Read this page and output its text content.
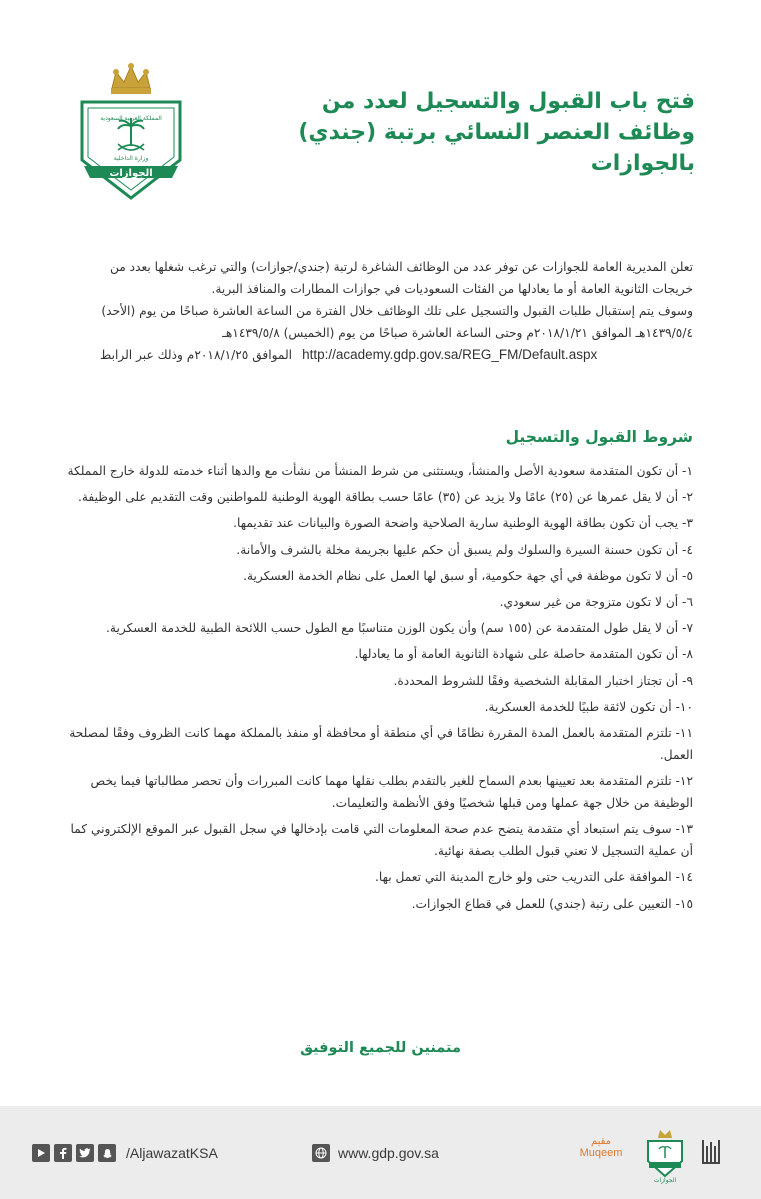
المملكة العربية السعودية
وزارة الداخلية
الجوازات
فتح باب القبول والتسجيل لعدد من
وظائف العنصر النسائي برتبة (جندي)
بالجوازات

تعلن المديرية العامة للجوازات عن توفر عدد من الوظائف الشاغرة لرتبة (جندي/جوازات) والتي ترغب شغلها بعدد من خريجات الثانوية العامة أو ما يعادلها من الفئات السعوديات في جوازات المطارات والمنافذ البرية.

وسوف يتم إستقبال طلبات القبول والتسجيل على تلك الوظائف خلال الفترة من الساعة العاشرة صباحًا من يوم (الأحد) ١٤٣٩/٥/٤هـ الموافق ٢٠١٨/١/٢١م وحتى الساعة العاشرة صباحًا من يوم (الخميس) ١٤٣٩/٥/٨هـ

الموافق ٢٠١٨/١/٢٥م وذلك عبر الرابط http://academy.gdp.gov.sa/REG_FM/Default.aspx
شروط القبول والتسجيل
١- أن تكون المتقدمة سعودية الأصل والمنشأ، ويستثنى من شرط المنشأ من نشأت مع والدها أثناء خدمته للدولة خارج المملكة
٢- أن لا يقل عمرها عن (٢٥) عامًا ولا يزيد عن (٣٥) عامًا حسب بطاقة الهوية الوطنية للمواطنين وقت التقديم على الوظيفة.
٣- يجب أن تكون بطاقة الهوية الوطنية سارية الصلاحية واضحة الصورة والبيانات عند تقديمها.
٤- أن تكون حسنة السيرة والسلوك ولم يسبق أن حكم عليها بجريمة مخلة بالشرف والأمانة.
٥- أن لا تكون موظفة في أي جهة حكومية، أو سبق لها العمل على نظام الخدمة العسكرية.
٦- أن لا تكون متزوجة من غير سعودي.
٧- أن لا يقل طول المتقدمة عن (١٥٥ سم) وأن يكون الوزن متناسبًا مع الطول حسب اللائحة الطبية للخدمة العسكرية.
٨- أن تكون المتقدمة حاصلة على شهادة الثانوية العامة أو ما يعادلها.
٩- أن تجتاز اختبار المقابلة الشخصية وفقًا للشروط المحددة.
١٠- أن تكون لائقة طبيًا للخدمة العسكرية.
١١- تلتزم المتقدمة بالعمل المدة المقررة نظامًا في أي منطقة أو محافظة أو منفذ بالمملكة مهما كانت الظروف وفقًا لمصلحة العمل.
١٢- تلتزم المتقدمة بعد تعيينها بعدم السماح للغير بالتقدم بطلب نقلها مهما كانت المبررات وأن تحصر مطالباتها فيما يخص الوظيفة من خلال جهة عملها ومن قبلها شخصيًا وفق الأنظمة والتعليمات.
١٣- سوف يتم استبعاد أي متقدمة يتضح عدم صحة المعلومات التي قامت بإدخالها في سجل القبول عبر الموقع الإلكتروني كما أن عملية التسجيل لا تعني قبول الطلب بصفة نهائية.
١٤- الموافقة على التدريب حتى ولو خارج المدينة التي تعمل بها.
١٥- التعيين على رتبة (جندي) للعمل في قطاع الجوازات.
متمنين للجميع التوفيق
/AljawazatKSA	www.gdp.gov.sa
مقيم
Muqeem
الجوازات
